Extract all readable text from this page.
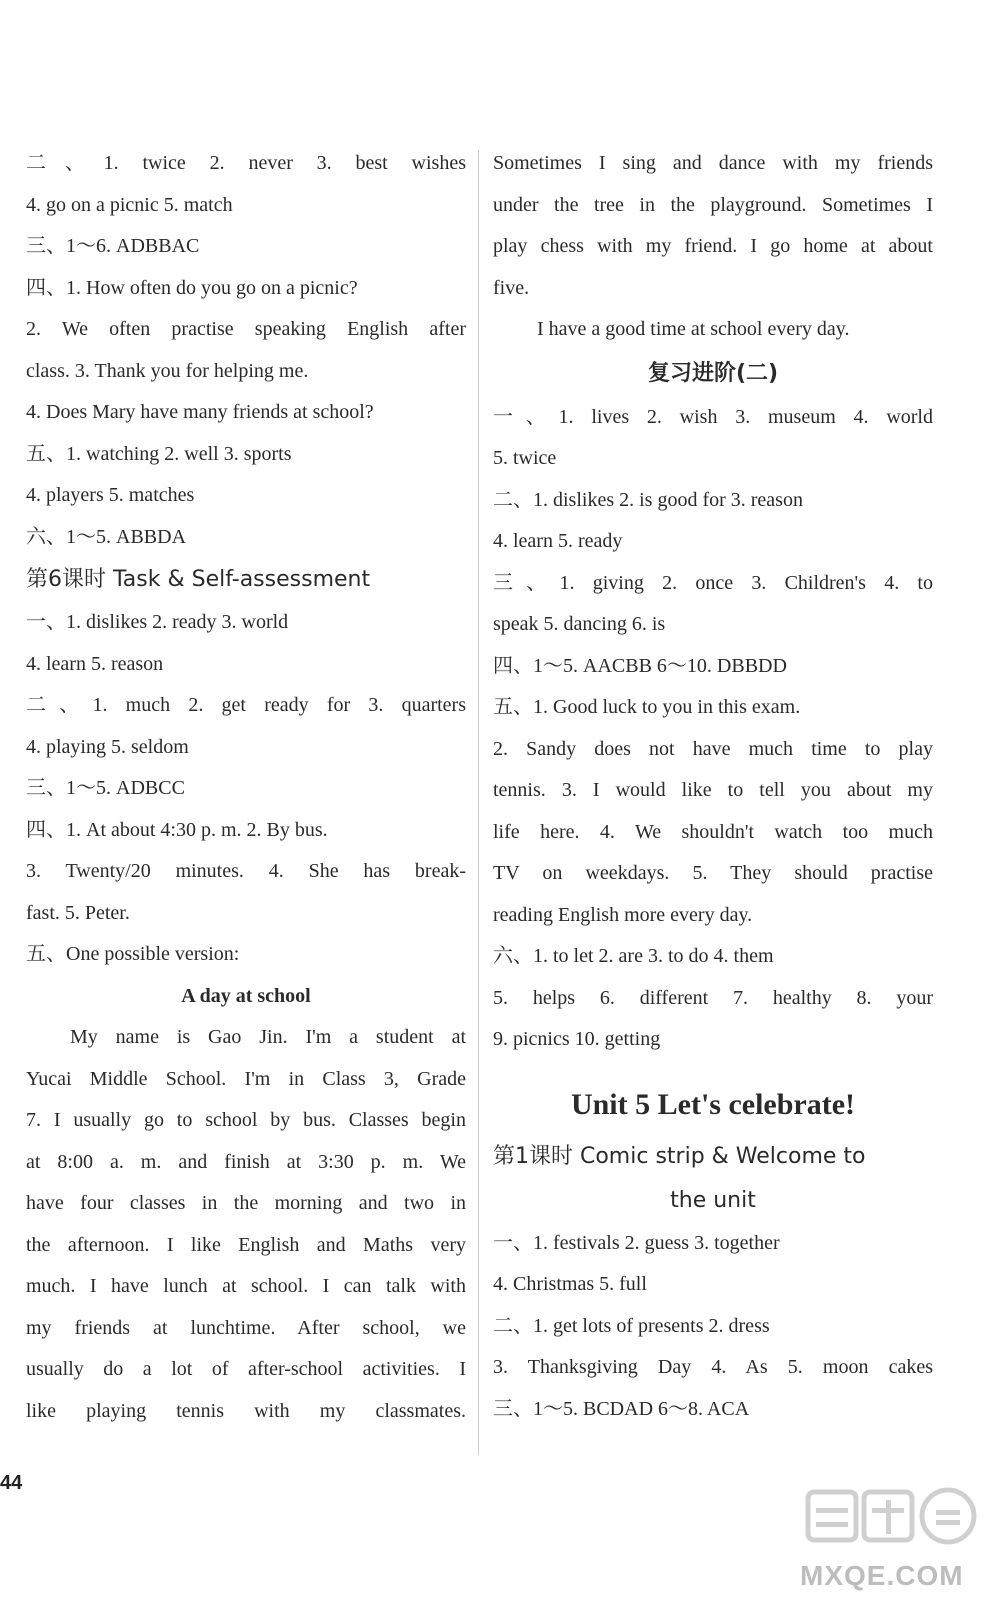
二、1. twice 2. never 3. best wishes
4. go on a picnic 5. match
三、1～6. ADBBAC
四、1. How often do you go on a picnic?
2. We often practise speaking English after
class. 3. Thank you for helping me.
4. Does Mary have many friends at school?
五、1. watching 2. well 3. sports
4. players 5. matches
六、1～5. ABBDA
第6课时 Task & Self-assessment
一、1. dislikes 2. ready 3. world
4. learn 5. reason
二、1. much 2. get ready for 3. quarters
4. playing 5. seldom
三、1～5. ADBCC
四、1. At about 4:30 p. m. 2. By bus.
3. Twenty/20 minutes. 4. She has break-
fast. 5. Peter.
五、One possible version:
A day at school
My name is Gao Jin. I'm a student at
Yucai Middle School. I'm in Class 3, Grade
7. I usually go to school by bus. Classes begin
at 8:00 a. m. and finish at 3:30 p. m. We
have four classes in the morning and two in
the afternoon. I like English and Maths very
much. I have lunch at school. I can talk with
my friends at lunchtime. After school, we
usually do a lot of after-school activities. I
like playing tennis with my classmates.
Sometimes I sing and dance with my friends
under the tree in the playground. Sometimes I
play chess with my friend. I go home at about
five.
I have a good time at school every day.
复习进阶(二)
一、1. lives 2. wish 3. museum 4. world
5. twice
二、1. dislikes 2. is good for 3. reason
4. learn 5. ready
三、1. giving 2. once 3. Children's 4. to
speak 5. dancing 6. is
四、1～5. AACBB 6～10. DBBDD
五、1. Good luck to you in this exam.
2. Sandy does not have much time to play
tennis. 3. I would like to tell you about my
life here. 4. We shouldn't watch too much
TV on weekdays. 5. They should practise
reading English more every day.
六、1. to let 2. are 3. to do 4. them
5. helps 6. different 7. healthy 8. your
9. picnics 10. getting
Unit 5 Let's celebrate!
第1课时 Comic strip & Welcome to
the unit
一、1. festivals 2. guess 3. together
4. Christmas 5. full
二、1. get lots of presents 2. dress
3. Thanksgiving Day 4. As 5. moon cakes
三、1～5. BCDAD 6～8. ACA
44
MXQE.COM
